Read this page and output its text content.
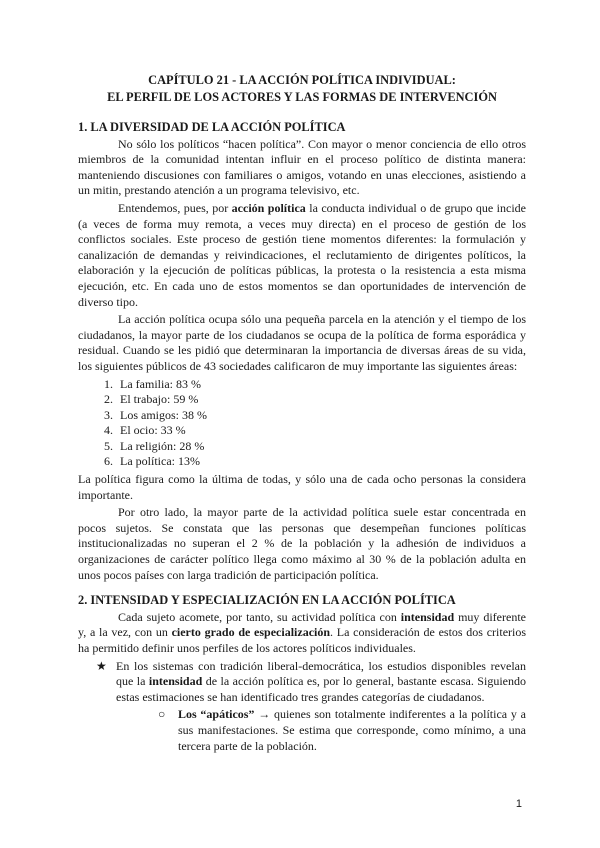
CAPÍTULO 21 - LA ACCIÓN POLÍTICA INDIVIDUAL:
EL PERFIL DE LOS ACTORES Y LAS FORMAS DE INTERVENCIÓN
1. LA DIVERSIDAD DE LA ACCIÓN POLÍTICA

No sólo los políticos “hacen política”. Con mayor o menor conciencia de ello otros miembros de la comunidad intentan influir en el proceso político de distinta manera: manteniendo discusiones con familiares o amigos, votando en unas elecciones, asistiendo a un mitin, prestando atención a un programa televisivo, etc.

Entendemos, pues, por acción política la conducta individual o de grupo que incide (a veces de forma muy remota, a veces muy directa) en el proceso de gestión de los conflictos sociales. Este proceso de gestión tiene momentos diferentes: la formulación y canalización de demandas y reivindicaciones, el reclutamiento de dirigentes políticos, la elaboración y la ejecución de políticas públicas, la protesta o la resistencia a esta misma ejecución, etc. En cada uno de estos momentos se dan oportunidades de intervención de diverso tipo.

La acción política ocupa sólo una pequeña parcela en la atención y el tiempo de los ciudadanos, la mayor parte de los ciudadanos se ocupa de la política de forma esporádica y residual. Cuando se les pidió que determinaran la importancia de diversas áreas de su vida, los siguientes públicos de 43 sociedades calificaron de muy importante las siguientes áreas:

1. La familia: 83 %
2. El trabajo: 59 %
3. Los amigos: 38 %
4. El ocio: 33 %
5. La religión: 28 %
6. La política: 13%

La política figura como la última de todas, y sólo una de cada ocho personas la considera importante.

Por otro lado, la mayor parte de la actividad política suele estar concentrada en pocos sujetos. Se constata que las personas que desempeñan funciones políticas institucionalizadas no superan el 2 % de la población y la adhesión de individuos a organizaciones de carácter político llega como máximo al 30 % de la población adulta en unos pocos países con larga tradición de participación política.

2. INTENSIDAD Y ESPECIALIZACIÓN EN LA ACCIÓN POLÍTICA

Cada sujeto acomete, por tanto, su actividad política con intensidad muy diferente y, a la vez, con un cierto grado de especialización. La consideración de estos dos criterios ha permitido definir unos perfiles de los actores políticos individuales.

★ En los sistemas con tradición liberal-democrática, los estudios disponibles revelan que la intensidad de la acción política es, por lo general, bastante escasa. Siguiendo estas estimaciones se han identificado tres grandes categorías de ciudadanos.
○ Los “apáticos” → quienes son totalmente indiferentes a la política y a sus manifestaciones. Se estima que corresponde, como mínimo, a una tercera parte de la población.
1
